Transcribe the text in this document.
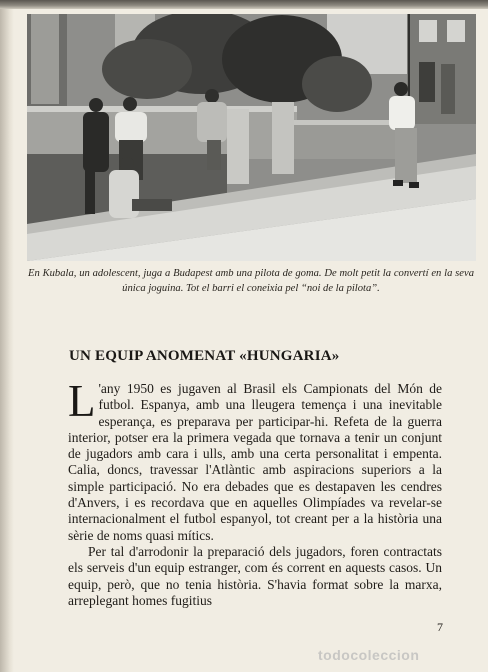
En Kubala, un adolescent, juga a Budapest amb una pilota de goma. De molt petit la convertí en la seva única joguina. Tot el barri el coneixia pel “noi de la pilota”.

UN EQUIP ANOMENAT «HUNGARIA»

L 'any 1950 es jugaven al Brasil els Campionats del Món de futbol. Espanya, amb una lleugera temença i una inevitable esperança, es preparava per participar-hi. Refeta de la guerra interior, potser era la primera vegada que tornava a tenir un conjunt de jugadors amb cara i ulls, amb una certa personalitat i empenta. Calia, doncs, travessar l'Atlàntic amb aspiracions superiors a la simple participació. No era debades que es destapaven les cendres d'Anvers, i es recordava que en aquelles Olimpíades va revelar-se internacionalment el futbol espanyol, tot creant per a la història una sèrie de noms quasi mítics.

Per tal d'arrodonir la preparació dels jugadors, foren contractats els serveis d'un equip estranger, com és corrent en aquests casos. Un equip, però, que no tenia història. S'havia format sobre la marxa, arreplegant homes fugitius

7
todocoleccion
